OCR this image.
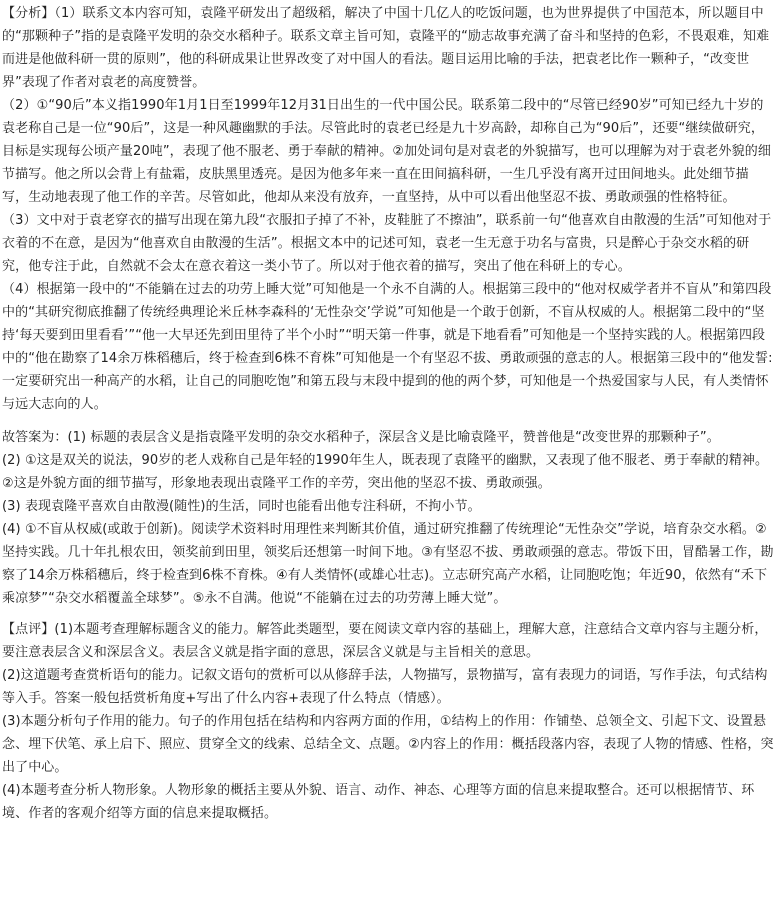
【分析】（1）联系文本内容可知，袁隆平研发出了超级稻，解决了中国十几亿人的吃饭问题，也为世界提供了中国范本，所以题目中的“那颗种子”指的是袁隆平发明的杂交水稻种子。联系文章主旨可知，袁隆平的“励志故事充满了奋斗和坚持的色彩，不畏艰难，知难而进是他做科研一贯的原则”，他的科研成果让世界改变了对中国人的看法。题目运用比喻的手法，把袁老比作一颗种子，“改变世界”表现了作者对袁老的高度赞誉。

（2）①“90后”本义指1990年1月1日至1999年12月31日出生的一代中国公民。联系第二段中的“尽管已经90岁”可知已经九十岁的袁老称自己是一位“90后”，这是一种风趣幽默的手法。尽管此时的袁老已经是九十岁高龄，却称自己为“90后”，还要“继续做研究，目标是实现每公顷产量20吨”，表现了他不服老、勇于奉献的精神。②加处词句是对袁老的外貌描写，也可以理解为对于袁老外貌的细节描写。他之所以会背上有盐霜，皮肤黑里透亮。是因为他多年来一直在田间搞科研，一生几乎没有离开过田间地头。此处细节描写，生动地表现了他工作的辛苦。尽管如此，他却从来没有放弃，一直坚持，从中可以看出他坚忍不拔、勇敢顽强的性格特征。

（3）文中对于袁老穿衣的描写出现在第九段“衣服扣子掉了不补，皮鞋脏了不擦油”，联系前一句“他喜欢自由散漫的生活”可知他对于衣着的不在意，是因为“他喜欢自由散漫的生活”。根据文本中的记述可知，袁老一生无意于功名与富贵，只是醉心于杂交水稻的研究，他专注于此，自然就不会太在意衣着这一类小节了。所以对于他衣着的描写，突出了他在科研上的专心。

（4）根据第一段中的“不能躺在过去的功劳上睡大觉”可知他是一个永不自满的人。根据第三段中的“他对权威学者并不盲从”和第四段中的“其研究彻底推翻了传统经典理论米丘林李森科的‘无性杂交’学说”可知他是一个敢于创新，不盲从权威的人。根据第二段中的“坚持‘每天要到田里看看’”“他一大早还先到田里待了半个小时”“明天第一件事，就是下地看看”可知他是一个坚持实践的人。根据第四段中的“他在勘察了14余万株稻穗后，终于检查到6株不育株”可知他是一个有坚忍不拔、勇敢顽强的意志的人。根据第三段中的“他发誓:一定要研究出一种高产的水稻，让自己的同胞吃饱”和第五段与末段中提到的他的两个梦，可知他是一个热爱国家与人民，有人类情怀与远大志向的人。

故答案为：(1) 标题的表层含义是指袁隆平发明的杂交水稻种子，深层含义是比喻袁隆平，赞普他是“改变世界的那颗种子”。

(2) ①这是双关的说法，90岁的老人戏称自己是年轻的1990年生人，既表现了袁隆平的幽默，又表现了他不服老、勇于奉献的精神。②这是外貌方面的细节描写，形象地表现出袁隆平工作的辛劳，突出他的坚忍不拔、勇敢顽强。

(3) 表现袁隆平喜欢自由散漫(随性)的生活，同时也能看出他专注科研，不拘小节。

(4) ①不盲从权威(或敢于创新)。阅读学术资料时用理性来判断其价值，通过研究推翻了传统理论“无性杂交”学说，培育杂交水稻。②坚持实践。几十年扎根农田，领奖前到田里，领奖后还想第一时间下地。③有坚忍不拔、勇敢顽强的意志。带饭下田，冒酷暑工作，勘察了14余万株稻穗后，终于检查到6株不育株。④有人类情怀(或雄心壮志)。立志研究高产水稻，让同胞吃饱；年近90，依然有“禾下乘凉梦”“杂交水稻覆盖全球梦”。⑤永不自满。他说“不能躺在过去的功劳薄上睡大觉”。

【点评】(1)本题考查理解标题含义的能力。解答此类题型，要在阅读文章内容的基础上，理解大意，注意结合文章内容与主题分析，要注意表层含义和深层含义。表层含义就是指字面的意思，深层含义就是与主旨相关的意思。

(2)这道题考查赏析语句的能力。记叙文语句的赏析可以从修辞手法，人物描写，景物描写，富有表现力的词语，写作手法，句式结构等入手。答案一般包括赏析角度+写出了什么内容+表现了什么特点（情感）。

(3)本题分析句子作用的能力。句子的作用包括在结构和内容两方面的作用，①结构上的作用：作铺垫、总领全文、引起下文、设置悬念、埋下伏笔、承上启下、照应、贯穿全文的线索、总结全文、点题。②内容上的作用：概括段落内容，表现了人物的情感、性格，突出了中心。

(4)本题考查分析人物形象。人物形象的概括主要从外貌、语言、动作、神态、心理等方面的信息来提取整合。还可以根据情节、环境、作者的客观介绍等方面的信息来提取概括。
